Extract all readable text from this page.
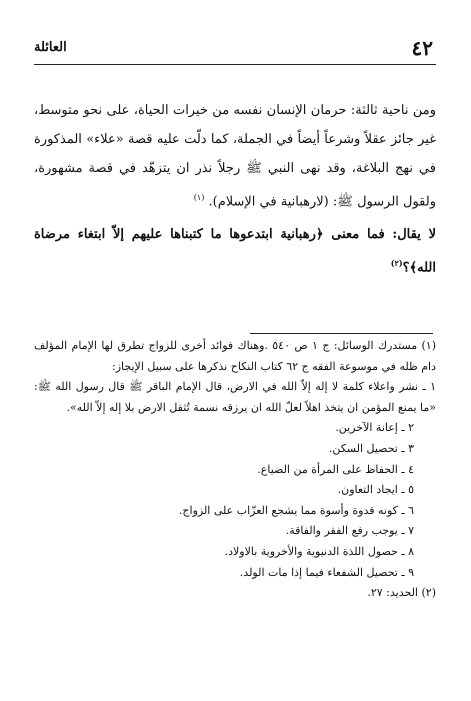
٤٢
العائلة

ومن ناحية ثالثة: حرمان الإنسان نفسه من خيرات الحياة، على نحو متوسط، غير جائز عقلاً وشرعاً أيضاً في الجملة، كما دلّت عليه قصة «علاء» المذكورة في نهج البلاغة، وقد نهى النبي ﷺ رجلاً نذر ان يتزهّد في قصة مشهورة، ولقول الرسول ﷺ: (لارهبانية في الإسلام). $^{(١)}$

لا يقال: فما معنى ﴿رهبانية ابتدعوها ما كتبناها عليهم إلاّ ابتغاء مرضاة الله﴾؟$^{(٢)}$

(١) مستدرك الوسائل: ج ١ ص ٥٤٠ .وهناك فوائد أخرى للزواج تطرق لها الإمام المؤلف دام ظله في موسوعة الفقه ج ٦٢ كتاب النكاح نذكرها على سبيل الإيجاز:

١ ـ نشر واعلاء كلمة لا إله إلاّ الله في الارض، قال الإمام الباقر ﷺ قال رسول الله ﷺ: «ما يمنع المؤمن ان يتخذ اهلاً لعلّ الله ان يرزقه نسمة تُثقل الارض بلا إله إلاّ الله».

٢ ـ إعانة الآخرين.

٣ ـ تحصيل السكن.

٤ ـ الحفاظ على المرأة من الضياع.

٥ ـ ايجاد التعاون.

٦ ـ كونه قدوة وأسوة مما يشجع العزّاب على الزواج.

٧ ـ يوجب رفع الفقر والفاقة.

٨ ـ حصول اللذة الدنيوية والأخروية بالاولاد.

٩ ـ تحصيل الشفعاء فيما إذا مات الولد.

(٢) الحديد: ٢٧.
